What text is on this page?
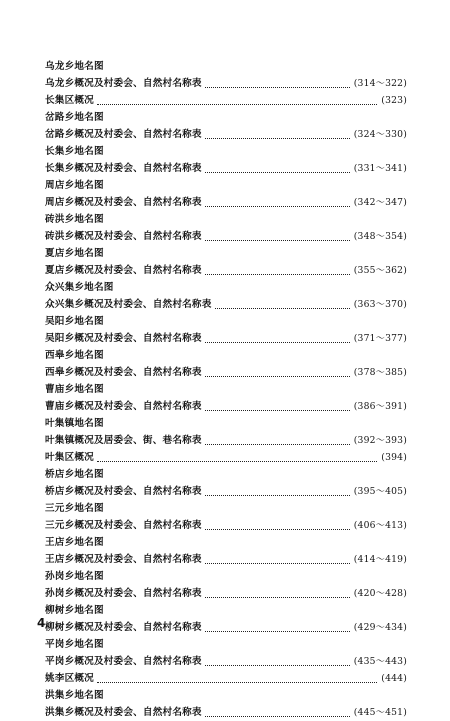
乌龙乡地名图
乌龙乡概况及村委会、自然村名称表	(314～322)
长集区概况	(323)
岔路乡地名图
岔路乡概况及村委会、自然村名称表	(324～330)
长集乡地名图
长集乡概况及村委会、自然村名称表	(331～341)
周店乡地名图
周店乡概况及村委会、自然村名称表	(342～347)
砖洪乡地名图
砖洪乡概况及村委会、自然村名称表	(348～354)
夏店乡地名图
夏店乡概况及村委会、自然村名称表	(355～362)
众兴集乡地名图
众兴集乡概况及村委会、自然村名称表	(363～370)
吴阳乡地名图
吴阳乡概况及村委会、自然村名称表	(371～377)
西皋乡地名图
西皋乡概况及村委会、自然村名称表	(378～385)
曹庙乡地名图
曹庙乡概况及村委会、自然村名称表	(386～391)
叶集镇地名图
叶集镇概况及居委会、街、巷名称表	(392～393)
叶集区概况	(394)
桥店乡地名图
桥店乡概况及村委会、自然村名称表	(395～405)
三元乡地名图
三元乡概况及村委会、自然村名称表	(406～413)
王店乡地名图
王店乡概况及村委会、自然村名称表	(414～419)
孙岗乡地名图
孙岗乡概况及村委会、自然村名称表	(420～428)
柳树乡地名图
柳树乡概况及村委会、自然村名称表	(429～434)
平岗乡地名图
平岗乡概况及村委会、自然村名称表	(435～443)
姚李区概况	(444)
洪集乡地名图
洪集乡概况及村委会、自然村名称表	(445～451)
4
